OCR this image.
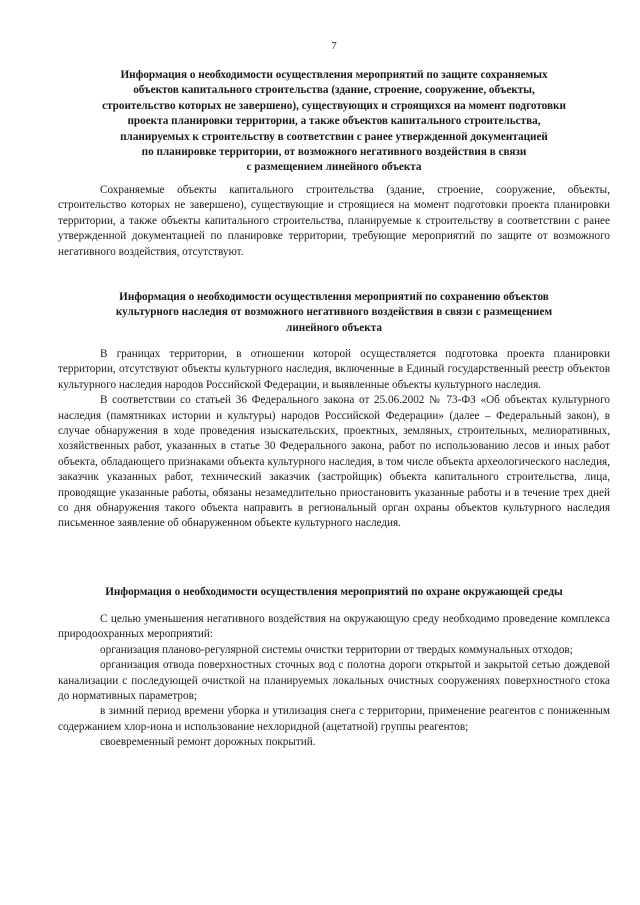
7
Информация о необходимости осуществления мероприятий по защите сохраняемых
объектов капитального строительства (здание, строение, сооружение, объекты,
строительство которых не завершено), существующих и строящихся на момент подготовки
проекта планировки территории, а также объектов капитального строительства,
планируемых к строительству в соответствии с ранее утвержденной документацией
по планировке территории, от возможного негативного воздействия в связи
с размещением линейного объекта

Сохраняемые объекты капитального строительства (здание, строение, сооружение, объекты, строительство которых не завершено), существующие и строящиеся на момент подготовки проекта планировки территории, а также объекты капитального строительства, планируемые к строительству в соответствии с ранее утвержденной документацией по планировке территории, требующие мероприятий по защите от возможного негативного воздействия, отсутствуют.

Информация о необходимости осуществления мероприятий по сохранению объектов
культурного наследия от возможного негативного воздействия в связи с размещением
линейного объекта

В границах территории, в отношении которой осуществляется подготовка проекта планировки территории, отсутствуют объекты культурного наследия, включенные в Единый государственный реестр объектов культурного наследия народов Российской Федерации, и выявленные объекты культурного наследия.

В соответствии со статьей 36 Федерального закона от 25.06.2002 № 73-ФЗ «Об объектах культурного наследия (памятниках истории и культуры) народов Российской Федерации» (далее – Федеральный закон), в случае обнаружения в ходе проведения изыскательских, проектных, земляных, строительных, мелиоративных, хозяйственных работ, указанных в статье 30 Федерального закона, работ по использованию лесов и иных работ объекта, обладающего признаками объекта культурного наследия, в том числе объекта археологического наследия, заказчик указанных работ, технический заказчик (застройщик) объекта капитального строительства, лица, проводящие указанные работы, обязаны незамедлительно приостановить указанные работы и в течение трех дней со дня обнаружения такого объекта направить в региональный орган охраны объектов культурного наследия письменное заявление об обнаруженном объекте культурного наследия.

Информация о необходимости осуществления мероприятий по охране окружающей среды

С целью уменьшения негативного воздействия на окружающую среду необходимо проведение комплекса природоохранных мероприятий:

организация планово-регулярной системы очистки территории от твердых коммунальных отходов;

организация отвода поверхностных сточных вод с полотна дороги открытой и закрытой сетью дождевой канализации с последующей очисткой на планируемых локальных очистных сооружениях поверхностного стока до нормативных параметров;

в зимний период времени уборка и утилизация снега с территории, применение реагентов с пониженным содержанием хлор-иона и использование нехлоридной (ацетатной) группы реагентов;

своевременный ремонт дорожных покрытий.
